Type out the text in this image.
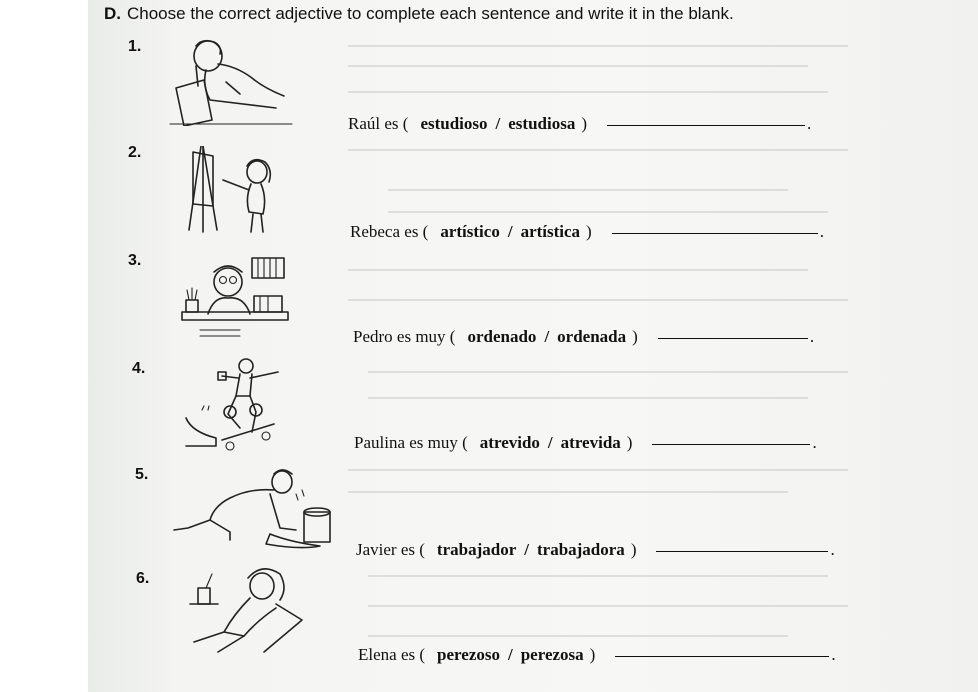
D. Choose the correct adjective to complete each sentence and write it in the blank.
1.
Raúl es ( estudioso / estudiosa )	.
2.
Rebeca es ( artístico / artística )	.
3.
Pedro es muy ( ordenado / ordenada )	.
4.
Paulina es muy ( atrevido / atrevida )	.
5.
Javier es ( trabajador / trabajadora )	.
6.
Elena es ( perezoso / perezosa )	.
